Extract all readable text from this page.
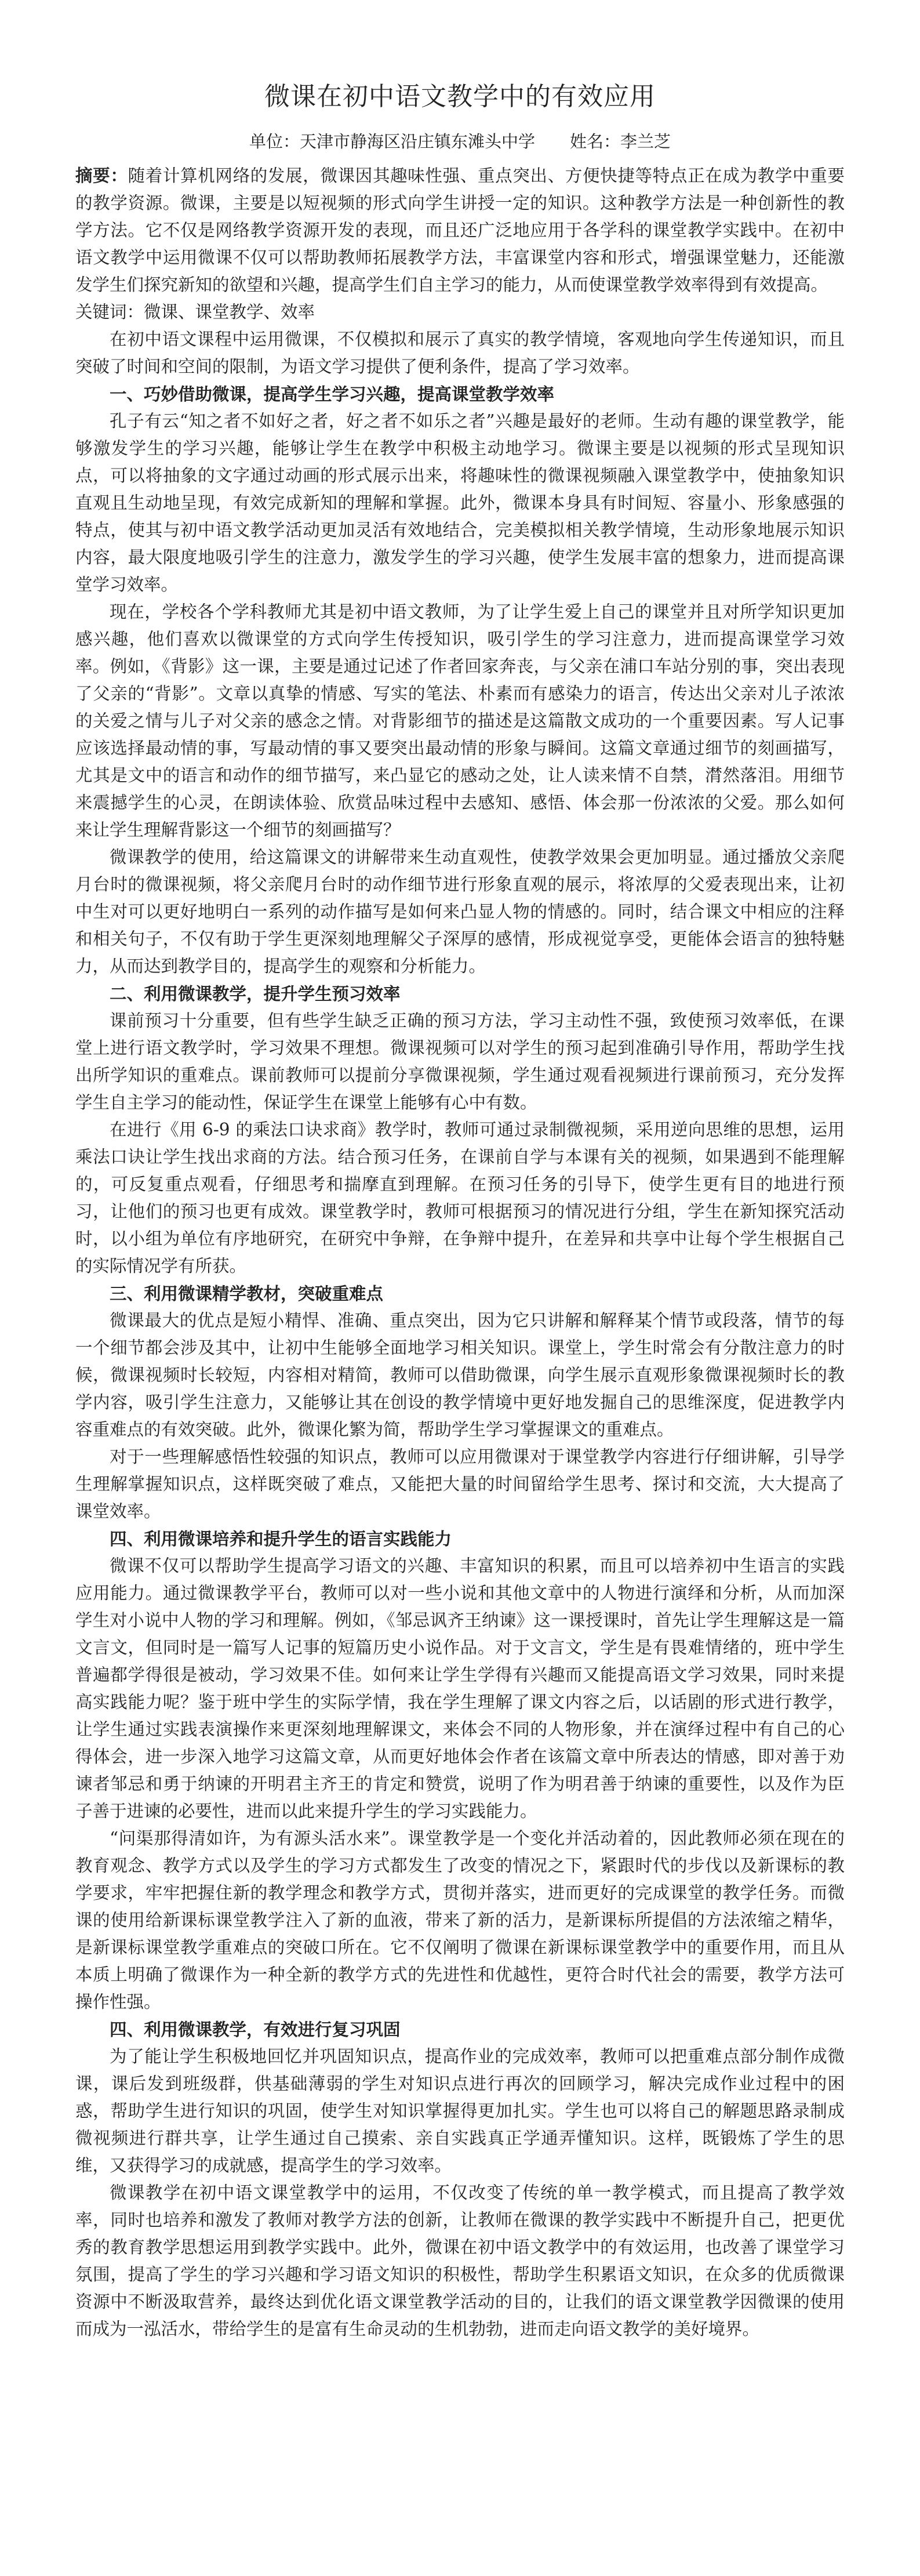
微课在初中语文教学中的有效应用
单位：天津市静海区沿庄镇东滩头中学 姓名：李兰芝

摘要：随着计算机网络的发展，微课因其趣味性强、重点突出、方便快捷等特点正在成为教学中重要的教学资源。微课，主要是以短视频的形式向学生讲授一定的知识。这种教学方法是一种创新性的教学方法。它不仅是网络教学资源开发的表现，而且还广泛地应用于各学科的课堂教学实践中。在初中语文教学中运用微课不仅可以帮助教师拓展教学方法，丰富课堂内容和形式，增强课堂魅力，还能激发学生们探究新知的欲望和兴趣，提高学生们自主学习的能力，从而使课堂教学效率得到有效提高。

关键词：微课、课堂教学、效率

在初中语文课程中运用微课，不仅模拟和展示了真实的教学情境，客观地向学生传递知识，而且突破了时间和空间的限制，为语文学习提供了便利条件，提高了学习效率。

一、巧妙借助微课，提高学生学习兴趣，提高课堂教学效率

孔子有云“知之者不如好之者，好之者不如乐之者”兴趣是最好的老师。生动有趣的课堂教学，能够激发学生的学习兴趣，能够让学生在教学中积极主动地学习。微课主要是以视频的形式呈现知识点，可以将抽象的文字通过动画的形式展示出来，将趣味性的微课视频融入课堂教学中，使抽象知识直观且生动地呈现，有效完成新知的理解和掌握。此外，微课本身具有时间短、容量小、形象感强的特点，使其与初中语文教学活动更加灵活有效地结合，完美模拟相关教学情境，生动形象地展示知识内容，最大限度地吸引学生的注意力，激发学生的学习兴趣，使学生发展丰富的想象力，进而提高课堂学习效率。

现在，学校各个学科教师尤其是初中语文教师，为了让学生爱上自己的课堂并且对所学知识更加感兴趣，他们喜欢以微课堂的方式向学生传授知识，吸引学生的学习注意力，进而提高课堂学习效率。例如，《背影》这一课，主要是通过记述了作者回家奔丧，与父亲在浦口车站分别的事，突出表现了父亲的“背影”。文章以真挚的情感、写实的笔法、朴素而有感染力的语言，传达出父亲对儿子浓浓的关爱之情与儿子对父亲的感念之情。对背影细节的描述是这篇散文成功的一个重要因素。写人记事应该选择最动情的事，写最动情的事又要突出最动情的形象与瞬间。这篇文章通过细节的刻画描写，尤其是文中的语言和动作的细节描写，来凸显它的感动之处，让人读来情不自禁，潸然落泪。用细节来震撼学生的心灵，在朗读体验、欣赏品味过程中去感知、感悟、体会那一份浓浓的父爱。那么如何来让学生理解背影这一个细节的刻画描写？

微课教学的使用，给这篇课文的讲解带来生动直观性，使教学效果会更加明显。通过播放父亲爬月台时的微课视频，将父亲爬月台时的动作细节进行形象直观的展示，将浓厚的父爱表现出来，让初中生对可以更好地明白一系列的动作描写是如何来凸显人物的情感的。同时，结合课文中相应的注释和相关句子，不仅有助于学生更深刻地理解父子深厚的感情，形成视觉享受，更能体会语言的独特魅力，从而达到教学目的，提高学生的观察和分析能力。

二、利用微课教学，提升学生预习效率

课前预习十分重要，但有些学生缺乏正确的预习方法，学习主动性不强，致使预习效率低，在课堂上进行语文教学时，学习效果不理想。微课视频可以对学生的预习起到准确引导作用，帮助学生找出所学知识的重难点。课前教师可以提前分享微课视频，学生通过观看视频进行课前预习，充分发挥学生自主学习的能动性，保证学生在课堂上能够有心中有数。

在进行《用 6-9 的乘法口诀求商》教学时，教师可通过录制微视频，采用逆向思维的思想，运用乘法口诀让学生找出求商的方法。结合预习任务，在课前自学与本课有关的视频，如果遇到不能理解的，可反复重点观看，仔细思考和揣摩直到理解。在预习任务的引导下，使学生更有目的地进行预习，让他们的预习也更有成效。课堂教学时，教师可根据预习的情况进行分组，学生在新知探究活动时，以小组为单位有序地研究，在研究中争辩，在争辩中提升，在差异和共享中让每个学生根据自己的实际情况学有所获。

三、利用微课精学教材，突破重难点

微课最大的优点是短小精悍、准确、重点突出，因为它只讲解和解释某个情节或段落，情节的每一个细节都会涉及其中，让初中生能够全面地学习相关知识。课堂上，学生时常会有分散注意力的时候，微课视频时长较短，内容相对精简，教师可以借助微课，向学生展示直观形象微课视频时长的教学内容，吸引学生注意力，又能够让其在创设的教学情境中更好地发掘自己的思维深度，促进教学内容重难点的有效突破。此外，微课化繁为简，帮助学生学习掌握课文的重难点。

对于一些理解感悟性较强的知识点，教师可以应用微课对于课堂教学内容进行仔细讲解，引导学生理解掌握知识点，这样既突破了难点，又能把大量的时间留给学生思考、探讨和交流，大大提高了课堂效率。

四、利用微课培养和提升学生的语言实践能力

微课不仅可以帮助学生提高学习语文的兴趣、丰富知识的积累，而且可以培养初中生语言的实践应用能力。通过微课教学平台，教师可以对一些小说和其他文章中的人物进行演绎和分析，从而加深学生对小说中人物的学习和理解。例如，《邹忌讽齐王纳谏》这一课授课时，首先让学生理解这是一篇文言文，但同时是一篇写人记事的短篇历史小说作品。对于文言文，学生是有畏难情绪的，班中学生普遍都学得很是被动，学习效果不佳。如何来让学生学得有兴趣而又能提高语文学习效果，同时来提高实践能力呢？鉴于班中学生的实际学情，我在学生理解了课文内容之后，以话剧的形式进行教学，让学生通过实践表演操作来更深刻地理解课文，来体会不同的人物形象，并在演绎过程中有自己的心得体会，进一步深入地学习这篇文章，从而更好地体会作者在该篇文章中所表达的情感，即对善于劝谏者邹忌和勇于纳谏的开明君主齐王的肯定和赞赏，说明了作为明君善于纳谏的重要性，以及作为臣子善于进谏的必要性，进而以此来提升学生的学习实践能力。

“问渠那得清如许，为有源头活水来”。课堂教学是一个变化并活动着的，因此教师必须在现在的教育观念、教学方式以及学生的学习方式都发生了改变的情况之下，紧跟时代的步伐以及新课标的教学要求，牢牢把握住新的教学理念和教学方式，贯彻并落实，进而更好的完成课堂的教学任务。而微课的使用给新课标课堂教学注入了新的血液，带来了新的活力，是新课标所提倡的方法浓缩之精华，是新课标课堂教学重难点的突破口所在。它不仅阐明了微课在新课标课堂教学中的重要作用，而且从本质上明确了微课作为一种全新的教学方式的先进性和优越性，更符合时代社会的需要，教学方法可操作性强。

四、利用微课教学，有效进行复习巩固

为了能让学生积极地回忆并巩固知识点，提高作业的完成效率，教师可以把重难点部分制作成微课，课后发到班级群，供基础薄弱的学生对知识点进行再次的回顾学习，解决完成作业过程中的困惑，帮助学生进行知识的巩固，使学生对知识掌握得更加扎实。学生也可以将自己的解题思路录制成微视频进行群共享，让学生通过自己摸索、亲自实践真正学通弄懂知识。这样，既锻炼了学生的思维，又获得学习的成就感，提高学生的学习效率。

微课教学在初中语文课堂教学中的运用，不仅改变了传统的单一教学模式，而且提高了教学效率，同时也培养和激发了教师对教学方法的创新，让教师在微课的教学实践中不断提升自己，把更优秀的教育教学思想运用到教学实践中。此外，微课在初中语文教学中的有效运用，也改善了课堂学习氛围，提高了学生的学习兴趣和学习语文知识的积极性，帮助学生积累语文知识，在众多的优质微课资源中不断汲取营养，最终达到优化语文课堂教学活动的目的，让我们的语文课堂教学因微课的使用而成为一泓活水，带给学生的是富有生命灵动的生机勃勃，进而走向语文教学的美好境界。
